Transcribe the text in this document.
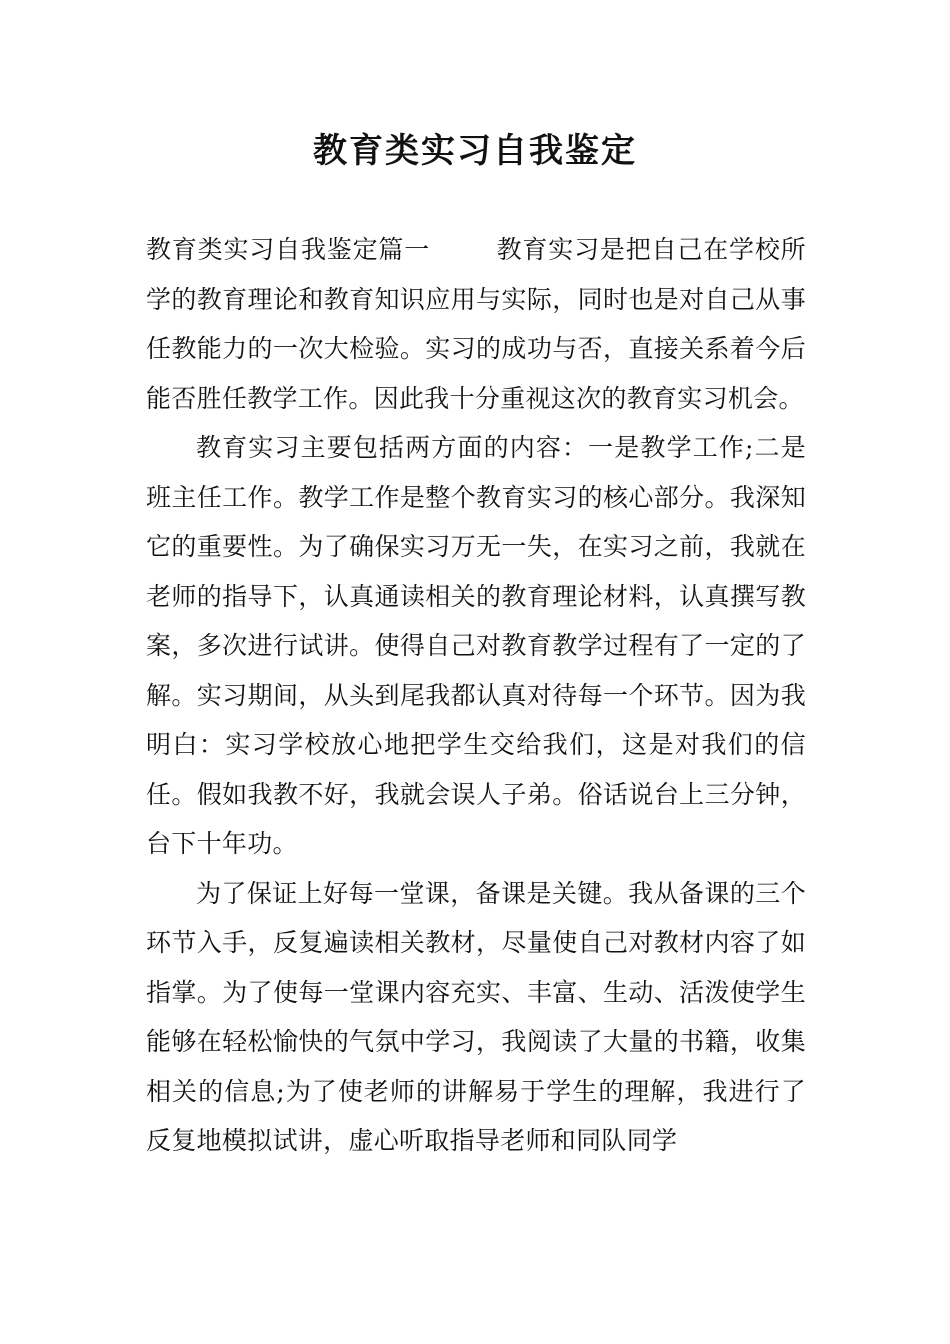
教育类实习自我鉴定

教育类实习自我鉴定篇一	教育实习是把自己在学校所学的教育理论和教育知识应用与实际，同时也是对自己从事任教能力的一次大检验。实习的成功与否，直接关系着今后能否胜任教学工作。因此我十分重视这次的教育实习机会。

教育实习主要包括两方面的内容：一是教学工作;二是班主任工作。教学工作是整个教育实习的核心部分。我深知它的重要性。为了确保实习万无一失，在实习之前，我就在老师的指导下，认真通读相关的教育理论材料，认真撰写教案，多次进行试讲。使得自己对教育教学过程有了一定的了解。实习期间，从头到尾我都认真对待每一个环节。因为我明白：实习学校放心地把学生交给我们，这是对我们的信任。假如我教不好，我就会误人子弟。俗话说台上三分钟，台下十年功。

为了保证上好每一堂课，备课是关键。我从备课的三个环节入手，反复遍读相关教材，尽量使自己对教材内容了如指掌。为了使每一堂课内容充实、丰富、生动、活泼使学生能够在轻松愉快的气氛中学习，我阅读了大量的书籍，收集相关的信息;为了使老师的讲解易于学生的理解，我进行了反复地模拟试讲，虚心听取指导老师和同队同学
